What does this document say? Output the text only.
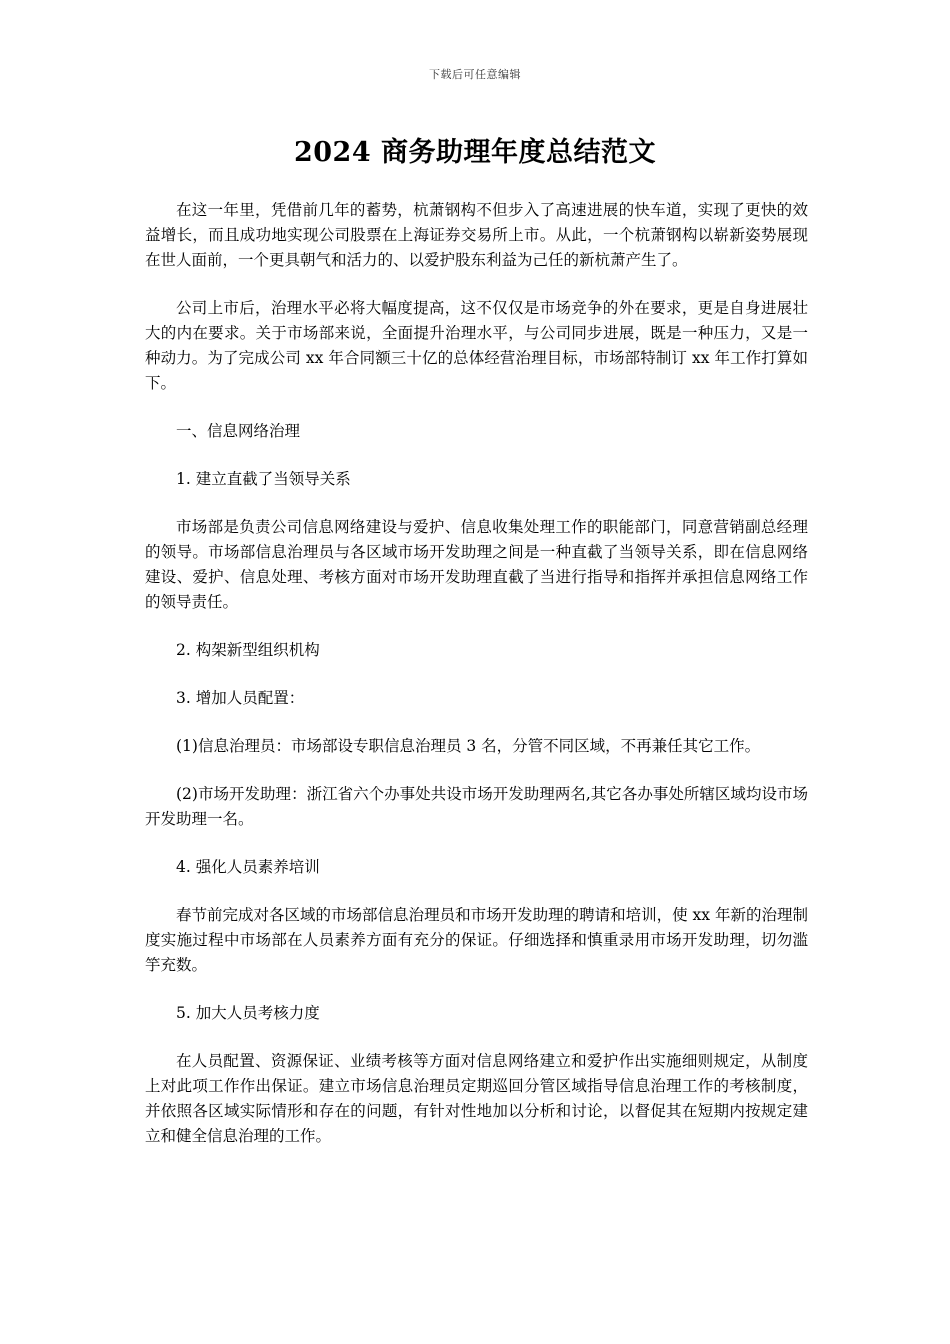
下载后可任意编辑
2024 商务助理年度总结范文

在这一年里，凭借前几年的蓄势，杭萧钢构不但步入了高速进展的快车道，实现了更快的效益增长，而且成功地实现公司股票在上海证券交易所上市。从此，一个杭萧钢构以崭新姿势展现在世人面前，一个更具朝气和活力的、以爱护股东利益为己任的新杭萧产生了。

公司上市后，治理水平必将大幅度提高，这不仅仅是市场竞争的外在要求，更是自身进展壮大的内在要求。关于市场部来说，全面提升治理水平，与公司同步进展，既是一种压力，又是一种动力。为了完成公司 xx 年合同额三十亿的总体经营治理目标，市场部特制订 xx 年工作打算如下。

一、信息网络治理

1. 建立直截了当领导关系

市场部是负责公司信息网络建设与爱护、信息收集处理工作的职能部门，同意营销副总经理的领导。市场部信息治理员与各区域市场开发助理之间是一种直截了当领导关系，即在信息网络建设、爱护、信息处理、考核方面对市场开发助理直截了当进行指导和指挥并承担信息网络工作的领导责任。

2. 构架新型组织机构

3. 增加人员配置：

(1)信息治理员：市场部设专职信息治理员 3 名，分管不同区域，不再兼任其它工作。

(2)市场开发助理：浙江省六个办事处共设市场开发助理两名,其它各办事处所辖区域均设市场开发助理一名。

4. 强化人员素养培训

春节前完成对各区域的市场部信息治理员和市场开发助理的聘请和培训，使 xx 年新的治理制度实施过程中市场部在人员素养方面有充分的保证。仔细选择和慎重录用市场开发助理，切勿滥竽充数。

5. 加大人员考核力度

在人员配置、资源保证、业绩考核等方面对信息网络建立和爱护作出实施细则规定，从制度上对此项工作作出保证。建立市场信息治理员定期巡回分管区域指导信息治理工作的考核制度，并依照各区域实际情形和存在的问题，有针对性地加以分析和讨论，以督促其在短期内按规定建立和健全信息治理的工作。
